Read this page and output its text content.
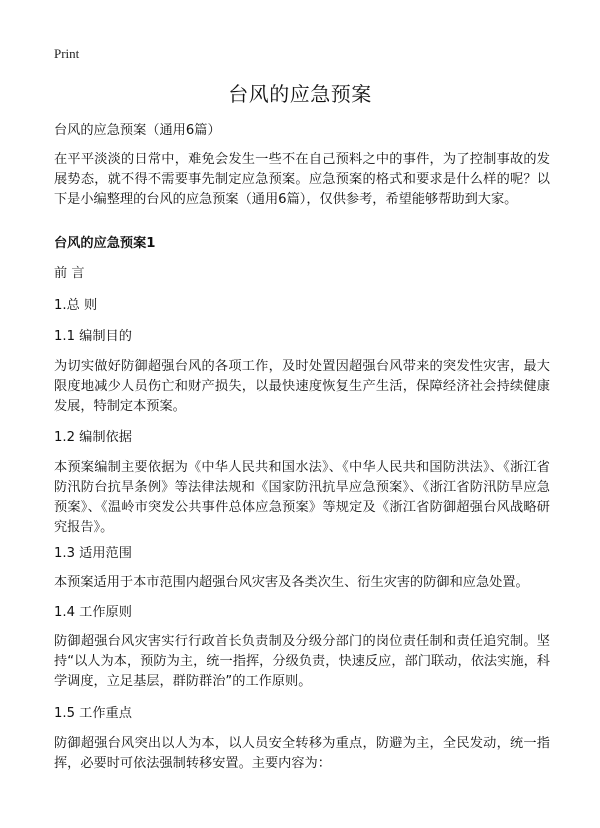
Print
台风的应急预案

台风的应急预案（通用6篇）

在平平淡淡的日常中，难免会发生一些不在自己预料之中的事件，为了控制事故的发展势态，就不得不需要事先制定应急预案。应急预案的格式和要求是什么样的呢？以下是小编整理的台风的应急预案（通用6篇），仅供参考，希望能够帮助到大家。

台风的应急预案1

前 言

1.总 则

1.1 编制目的

为切实做好防御超强台风的各项工作，及时处置因超强台风带来的突发性灾害，最大限度地减少人员伤亡和财产损失，以最快速度恢复生产生活，保障经济社会持续健康发展，特制定本预案。

1.2 编制依据

本预案编制主要依据为《中华人民共和国水法》、《中华人民共和国防洪法》、《浙江省防汛防台抗旱条例》等法律法规和《国家防汛抗旱应急预案》、《浙江省防汛防旱应急预案》、《温岭市突发公共事件总体应急预案》等规定及《浙江省防御超强台风战略研究报告》。

1.3 适用范围

本预案适用于本市范围内超强台风灾害及各类次生、衍生灾害的防御和应急处置。

1.4 工作原则

防御超强台风灾害实行行政首长负责制及分级分部门的岗位责任制和责任追究制。坚持“以人为本，预防为主，统一指挥，分级负责，快速反应，部门联动，依法实施，科学调度，立足基层，群防群治”的工作原则。

1.5 工作重点

防御超强台风突出以人为本，以人员安全转移为重点，防避为主，全民发动，统一指挥，必要时可依法强制转移安置。主要内容为：
